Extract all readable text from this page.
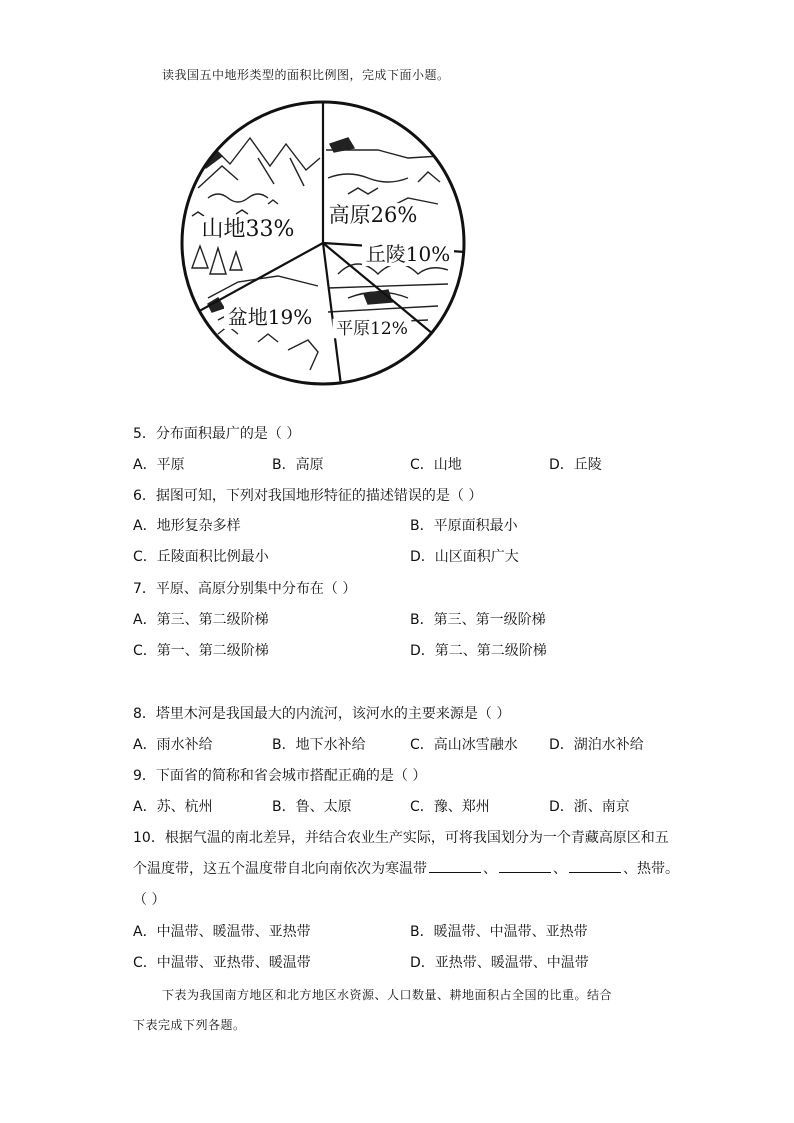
读我国五中地形类型的面积比例图，完成下面小题。
山地33%
高原26%
丘陵10%
平原12%
盆地19%
5．分布面积最广的是（ ）
A．平原	B．高原	C．山地	D．丘陵
6．据图可知，下列对我国地形特征的描述错误的是（ ）
A．地形复杂多样	B．平原面积最小
C．丘陵面积比例最小	D．山区面积广大
7．平原、高原分别集中分布在（ ）
A．第三、第二级阶梯	B．第三、第一级阶梯
C．第一、第二级阶梯	D．第二、第二级阶梯
8．塔里木河是我国最大的内流河，该河水的主要来源是（ ）
A．雨水补给	B．地下水补给	C．高山冰雪融水 D．湖泊水补给
9．下面省的简称和省会城市搭配正确的是（ ）
A．苏、杭州	B．鲁、太原	C．豫、郑州	D．浙、南京
10．根据气温的南北差异，并结合农业生产实际，可将我国划分为一个青藏高原区和五
个温度带，这五个温度带自北向南依次为寒温带	、	、	、热带。
（ ）
A．中温带、暖温带、亚热带	B．暖温带、中温带、亚热带
C．中温带、亚热带、暖温带	D．亚热带、暖温带、中温带
下表为我国南方地区和北方地区水资源、人口数量、耕地面积占全国的比重。结合
下表完成下列各题。
